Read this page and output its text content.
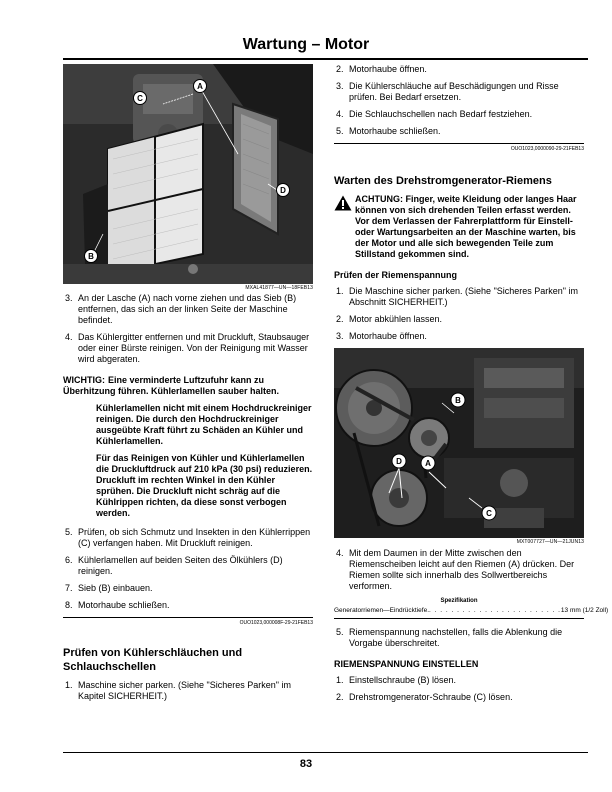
Wartung – Motor
C
A
D
B
MXAL41877—UN—18FEB13
3. An der Lasche (A) nach vorne ziehen und das Sieb (B) entfernen, das sich an der linken Seite der Maschine befindet.
4. Das Kühlergitter entfernen und mit Druckluft, Staubsauger oder einer Bürste reinigen. Von der Reinigung mit Wasser wird abgeraten.

WICHTIG: Eine verminderte Luftzufuhr kann zu Überhitzung führen. Kühlerlamellen sauber halten.

Kühlerlamellen nicht mit einem Hochdruckreiniger reinigen. Die durch den Hochdruckreiniger ausgeübte Kraft führt zu Schäden an Kühler und Kühlerlamellen.

Für das Reinigen von Kühler und Kühlerlamellen die Druckluftdruck auf 210 kPa (30 psi) reduzieren. Druckluft im rechten Winkel in den Kühler sprühen. Die Druckluft nicht schräg auf die Kühlrippen richten, da diese sonst verbogen werden.

5. Prüfen, ob sich Schmutz und Insekten in den Kühlerrippen (C) verfangen haben. Mit Druckluft reinigen.
6. Kühlerlamellen auf beiden Seiten des Ölkühlers (D) reinigen.
7. Sieb (B) einbauen.
8. Motorhaube schließen.
OUO1023,000008F-29-21FEB13
Prüfen von Kühlerschläuchen und Schlauchschellen
1. Maschine sicher parken. (Siehe "Sicheres Parken" im Kapitel SICHERHEIT.)
2. Motorhaube öffnen.
3. Die Kühlerschläuche auf Beschädigungen und Risse prüfen. Bei Bedarf ersetzen.
4. Die Schlauchschellen nach Bedarf festziehen.
5. Motorhaube schließen.
OUO1023,0000090-29-21FEB13
Warten des Drehstromgenerator-Riemens
ACHTUNG: Finger, weite Kleidung oder langes Haar können von sich drehenden Teilen erfasst werden. Vor dem Verlassen der Fahrerplattform für Einstell- oder Wartungsarbeiten an der Maschine warten, bis der Motor und alle sich bewegenden Teile zum Stillstand gekommen sind.
Prüfen der Riemenspannung
1. Die Maschine sicher parken. (Siehe "Sicheres Parken" im Abschnitt SICHERHEIT.)
2. Motor abkühlen lassen.
3. Motorhaube öffnen.
B
D	A
C
MXT007727—UN—21JUN13
4. Mit dem Daumen in der Mitte zwischen den Riemenscheiben leicht auf den Riemen (A) drücken. Der Riemen sollte sich innerhalb des Sollwertbereichs verformen.
Spezifikation
Generatorriemen—Eindrücktiefe. . . . . . . . . . . . . . . . . . . . . . . . . 13 mm (1/2 Zoll)
5. Riemenspannung nachstellen, falls die Ablenkung die Vorgabe überschreitet.
RIEMENSPANNUNG EINSTELLEN
1. Einstellschraube (B) lösen.
2. Drehstromgenerator-Schraube (C) lösen.
83
